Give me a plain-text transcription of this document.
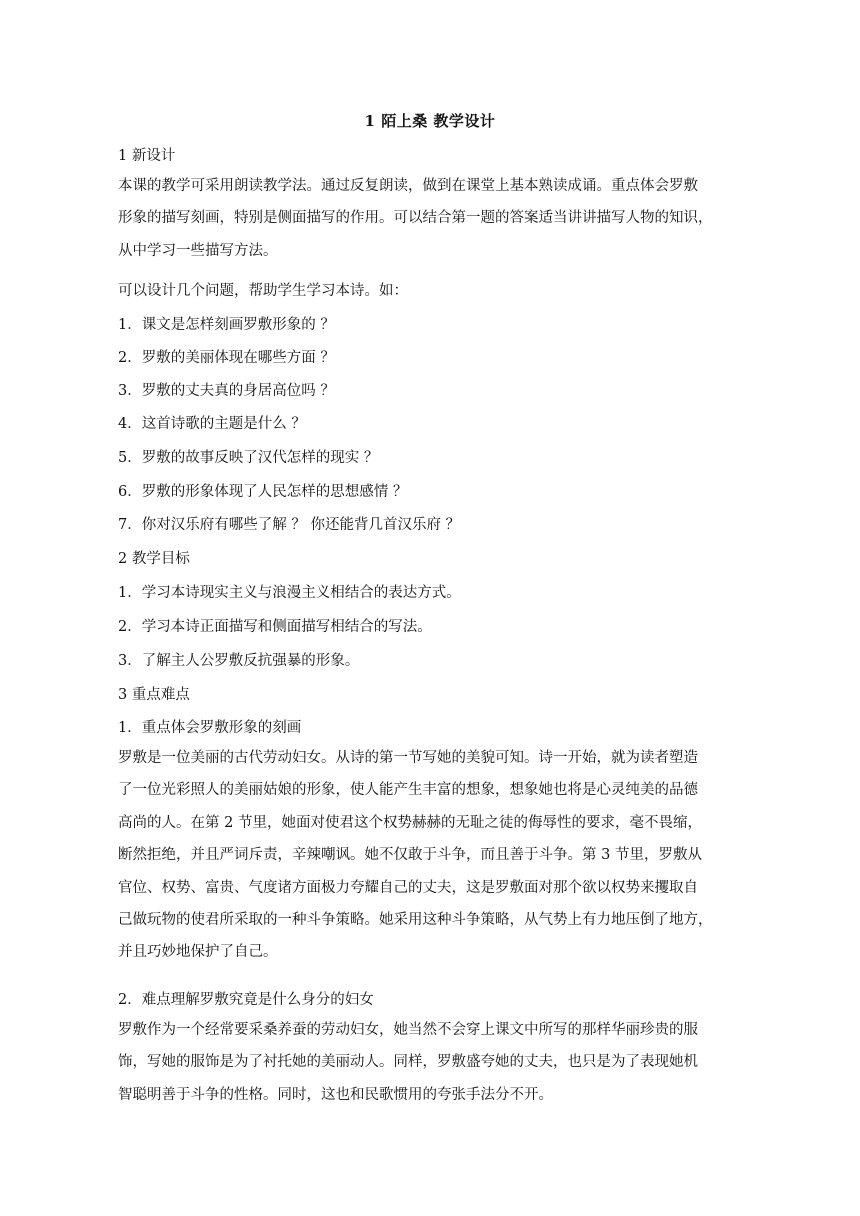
1 陌上桑 教学设计
1 新设计
本课的教学可采用朗读教学法。通过反复朗读，做到在课堂上基本熟读成诵。重点体会罗敷
形象的描写刻画，特别是侧面描写的作用。可以结合第一题的答案适当讲讲描写人物的知识，
从中学习一些描写方法。
可以设计几个问题，帮助学生学习本诗。如：
1．课文是怎样刻画罗敷形象的 ？
2．罗敷的美丽体现在哪些方面 ？
3．罗敷的丈夫真的身居高位吗 ？
4．这首诗歌的主题是什么 ？
5．罗敷的故事反映了汉代怎样的现实 ？
6．罗敷的形象体现了人民怎样的思想感情 ？
7．你对汉乐府有哪些了解 ？ 你还能背几首汉乐府 ？
2 教学目标
1．学习本诗现实主义与浪漫主义相结合的表达方式。
2．学习本诗正面描写和侧面描写相结合的写法。
3．了解主人公罗敷反抗强暴的形象。
3 重点难点
1．重点体会罗敷形象的刻画
罗敷是一位美丽的古代劳动妇女。从诗的第一节写她的美貌可知。诗一开始，就为读者塑造
了一位光彩照人的美丽姑娘的形象，使人能产生丰富的想象，想象她也将是心灵纯美的品德
高尚的人。在第 2 节里，她面对使君这个权势赫赫的无耻之徒的侮辱性的要求，毫不畏缩，
断然拒绝，并且严词斥责，辛辣嘲讽。她不仅敢于斗争，而且善于斗争。第 3 节里，罗敷从
官位、权势、富贵、气度诸方面极力夸耀自己的丈夫，这是罗敷面对那个欲以权势来攫取自
己做玩物的使君所采取的一种斗争策略。她采用这种斗争策略，从气势上有力地压倒了地方，
并且巧妙地保护了自己。
2．难点理解罗敷究竟是什么身分的妇女
罗敷作为一个经常要采桑养蚕的劳动妇女，她当然不会穿上课文中所写的那样华丽珍贵的服
饰，写她的服饰是为了衬托她的美丽动人。同样，罗敷盛夸她的丈夫，也只是为了表现她机
智聪明善于斗争的性格。同时，这也和民歌惯用的夸张手法分不开。
